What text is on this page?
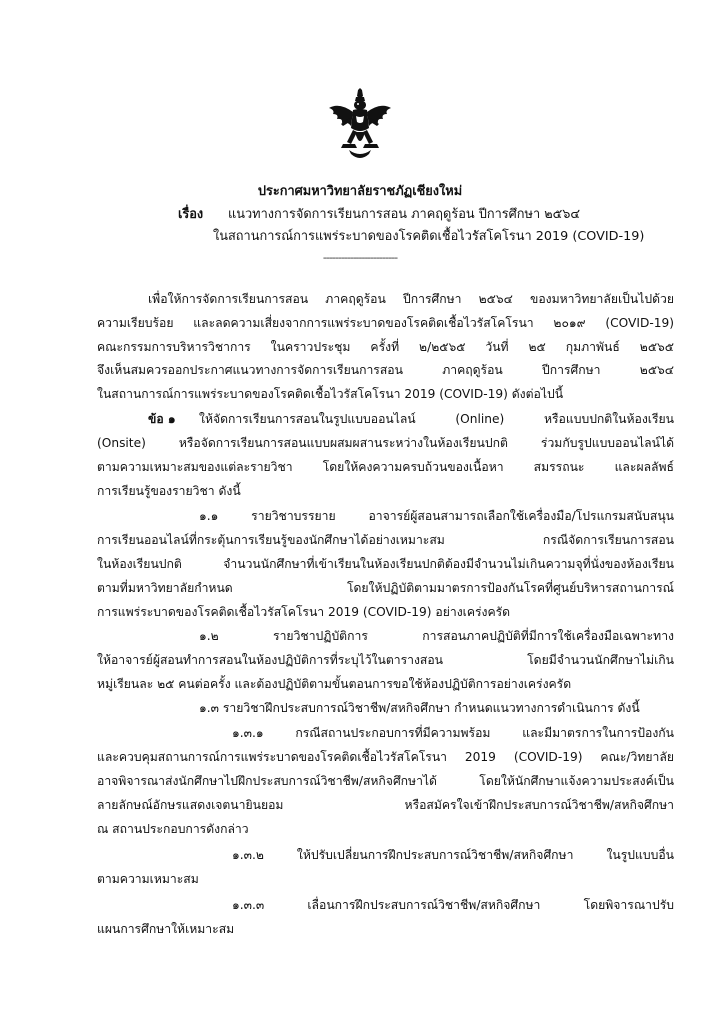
ประกาศมหาวิทยาลัยราชภัฏเชียงใหม่
เรื่อง แนวทางการจัดการเรียนการสอน ภาคฤดูร้อน ปีการศึกษา ๒๕๖๔
ในสถานการณ์การแพร่ระบาดของโรคติดเชื้อไวรัสโคโรนา 2019 (COVID-19)
-------------------------
เพื่อให้การจัดการเรียนการสอน ภาคฤดูร้อน ปีการศึกษา ๒๕๖๔ ของมหาวิทยาลัยเป็นไปด้วย
ความเรียบร้อย และลดความเสี่ยงจากการแพร่ระบาดของโรคติดเชื้อไวรัสโคโรนา ๒๐๑๙ (COVID-19)
คณะกรรมการบริหารวิชาการ ในคราวประชุม ครั้งที่ ๒/๒๕๖๕ วันที่ ๒๕ กุมภาพันธ์ ๒๕๖๕
จึงเห็นสมควรออกประกาศแนวทางการจัดการเรียนการสอน ภาคฤดูร้อน ปีการศึกษา ๒๕๖๔
ในสถานการณ์การแพร่ระบาดของโรคติดเชื้อไวรัสโคโรนา 2019 (COVID-19) ดังต่อไปนี้
ข้อ ๑ ให้จัดการเรียนการสอนในรูปแบบออนไลน์ (Online) หรือแบบปกติในห้องเรียน
(Onsite) หรือจัดการเรียนการสอนแบบผสมผสานระหว่างในห้องเรียนปกติ ร่วมกับรูปแบบออนไลน์ได้
ตามความเหมาะสมของแต่ละรายวิชา โดยให้คงความครบถ้วนของเนื้อหา สมรรถนะ และผลลัพธ์
การเรียนรู้ของรายวิชา ดังนี้
๑.๑ รายวิชาบรรยาย อาจารย์ผู้สอนสามารถเลือกใช้เครื่องมือ/โปรแกรมสนับสนุน
การเรียนออนไลน์ที่กระตุ้นการเรียนรู้ของนักศึกษาได้อย่างเหมาะสม กรณีจัดการเรียนการสอน
ในห้องเรียนปกติ จำนวนนักศึกษาที่เข้าเรียนในห้องเรียนปกติต้องมีจำนวนไม่เกินความจุที่นั่งของห้องเรียน
ตามที่มหาวิทยาลัยกำหนด โดยให้ปฏิบัติตามมาตรการป้องกันโรคที่ศูนย์บริหารสถานการณ์
การแพร่ระบาดของโรคติดเชื้อไวรัสโคโรนา 2019 (COVID-19) อย่างเคร่งครัด
๑.๒ รายวิชาปฏิบัติการ การสอนภาคปฏิบัติที่มีการใช้เครื่องมือเฉพาะทาง
ให้อาจารย์ผู้สอนทำการสอนในห้องปฏิบัติการที่ระบุไว้ในตารางสอน โดยมีจำนวนนักศึกษาไม่เกิน
หมู่เรียนละ ๒๕ คนต่อครั้ง และต้องปฏิบัติตามขั้นตอนการขอใช้ห้องปฏิบัติการอย่างเคร่งครัด
๑.๓ รายวิชาฝึกประสบการณ์วิชาชีพ/สหกิจศึกษา กำหนดแนวทางการดำเนินการ ดังนี้
๑.๓.๑ กรณีสถานประกอบการที่มีความพร้อม และมีมาตรการในการป้องกัน
และควบคุมสถานการณ์การแพร่ระบาดของโรคติดเชื้อไวรัสโคโรนา 2019 (COVID-19) คณะ/วิทยาลัย
อาจพิจารณาส่งนักศึกษาไปฝึกประสบการณ์วิชาชีพ/สหกิจศึกษาได้ โดยให้นักศึกษาแจ้งความประสงค์เป็น
ลายลักษณ์อักษรแสดงเจตนายินยอม หรือสมัครใจเข้าฝึกประสบการณ์วิชาชีพ/สหกิจศึกษา
ณ สถานประกอบการดังกล่าว
๑.๓.๒ ให้ปรับเปลี่ยนการฝึกประสบการณ์วิชาชีพ/สหกิจศึกษา ในรูปแบบอื่น
ตามความเหมาะสม
๑.๓.๓ เลื่อนการฝึกประสบการณ์วิชาชีพ/สหกิจศึกษา โดยพิจารณาปรับ
แผนการศึกษาให้เหมาะสม
